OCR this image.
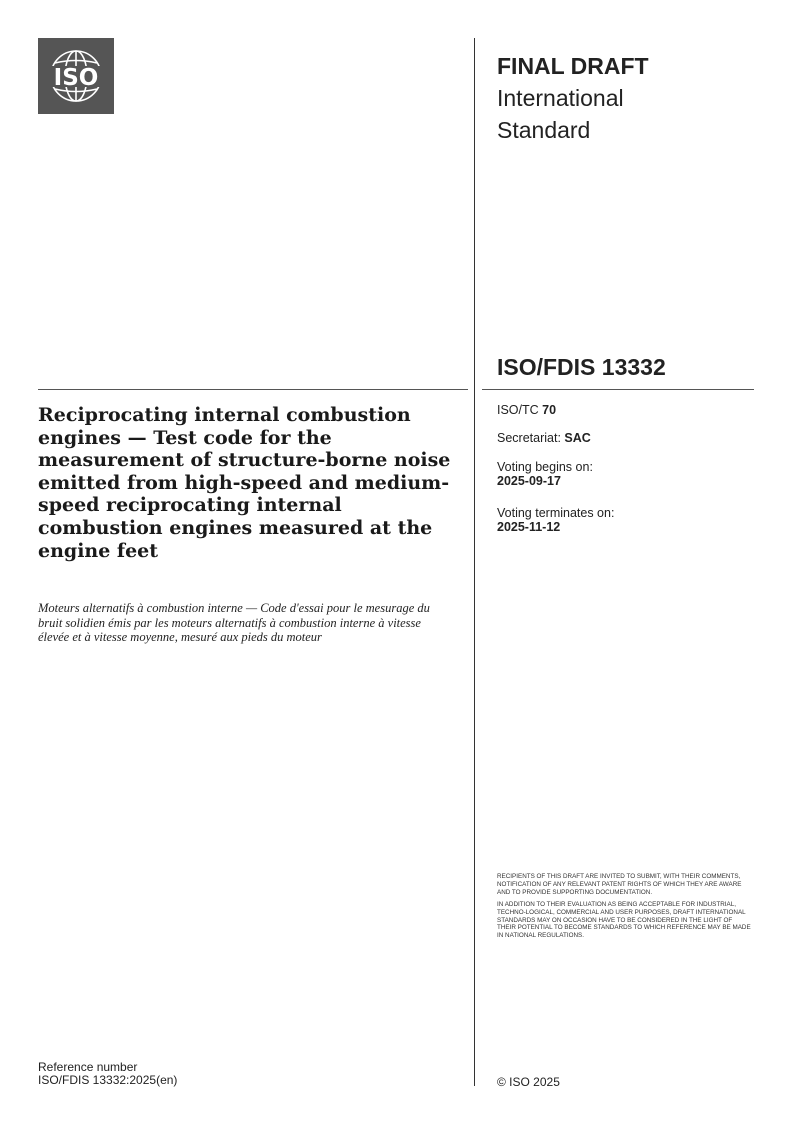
ISO	FINAL DRAFT
International
Standard
ISO/FDIS 13332
Reciprocating internal combustion engines — Test code for the measurement of structure-borne noise emitted from high-speed and medium-speed reciprocating internal combustion engines measured at the engine feet
Moteurs alternatifs à combustion interne — Code d'essai pour le mesurage du bruit solidien émis par les moteurs alternatifs à combustion interne à vitesse élevée et à vitesse moyenne, mesuré aux pieds du moteur
ISO/TC 70
Secretariat: SAC
Voting begins on:
2025-09-17
Voting terminates on:
2025-11-12

RECIPIENTS OF THIS DRAFT ARE INVITED TO SUBMIT, WITH THEIR COMMENTS, NOTIFICATION OF ANY RELEVANT PATENT RIGHTS OF WHICH THEY ARE AWARE AND TO PROVIDE SUPPORTING DOCUMENTATION.

IN ADDITION TO THEIR EVALUATION AS BEING ACCEPTABLE FOR INDUSTRIAL, TECHNO-LOGICAL, COMMERCIAL AND USER PURPOSES, DRAFT INTERNATIONAL STANDARDS MAY ON OCCASION HAVE TO BE CONSIDERED IN THE LIGHT OF THEIR POTENTIAL TO BECOME STANDARDS TO WHICH REFERENCE MAY BE MADE IN NATIONAL REGULATIONS.

Reference number
ISO/FDIS 13332:2025(en)	© ISO 2025
